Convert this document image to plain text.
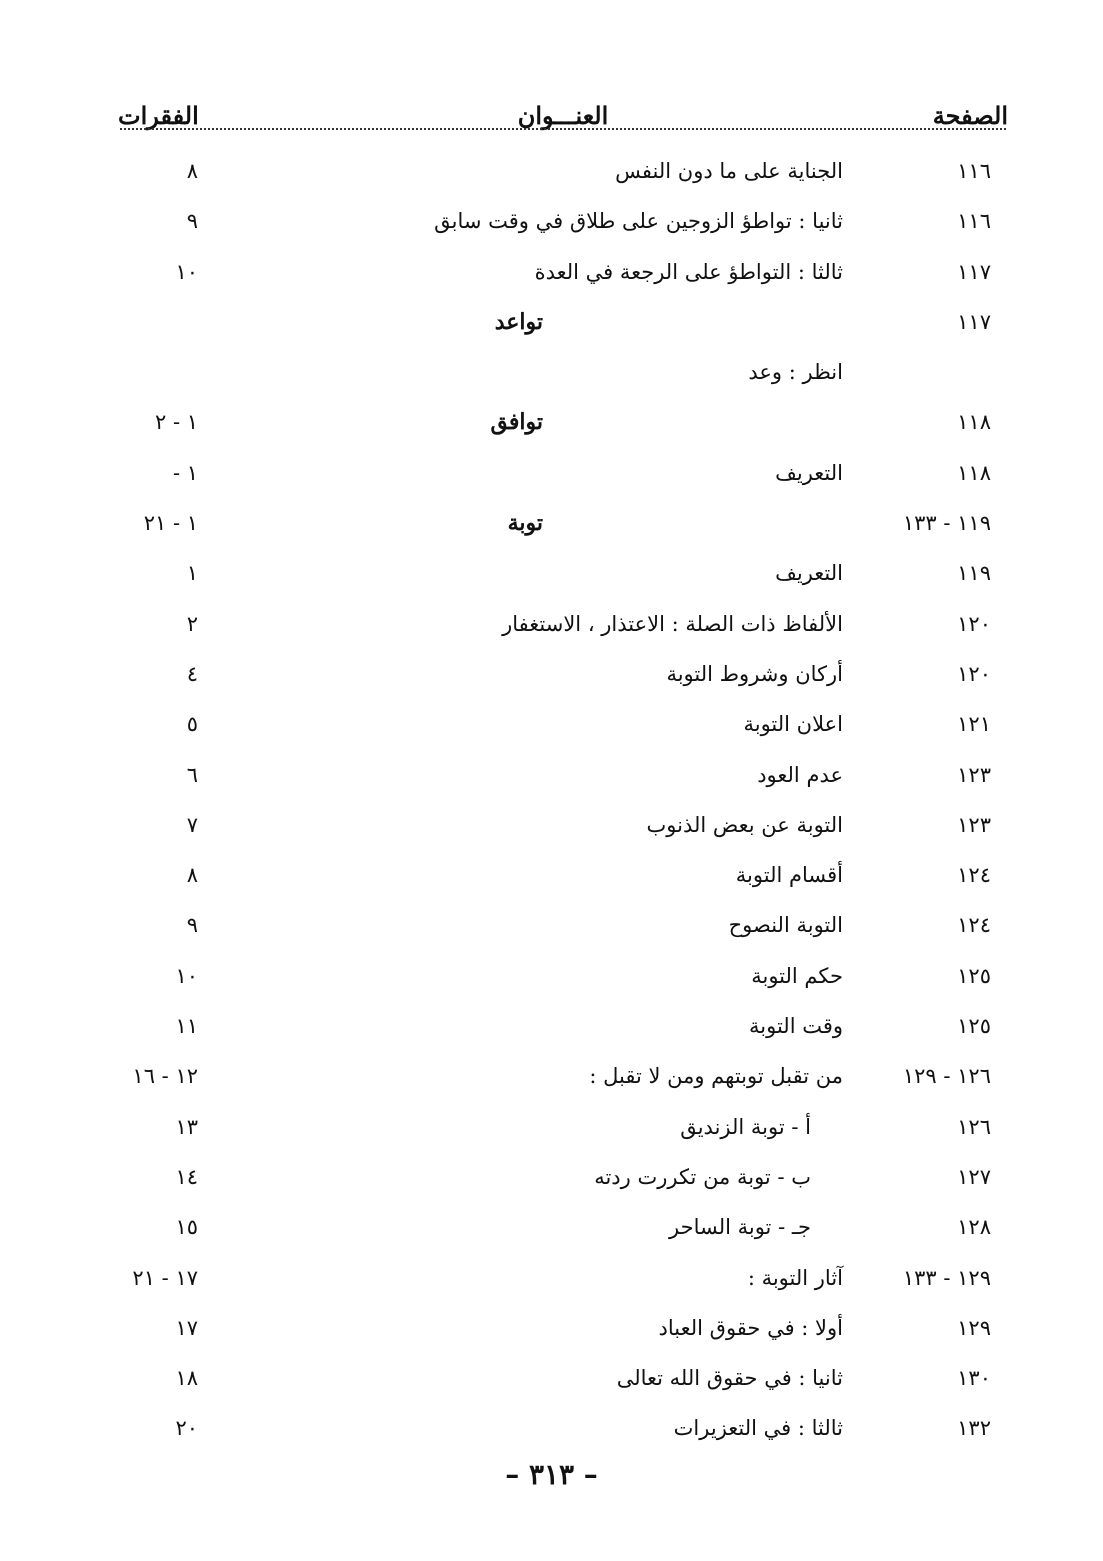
الصفحة
العنـــوان
الفقرات
١١٦
الجناية على ما دون النفس
٨
١١٦
ثانيا : تواطؤ الزوجين على طلاق في وقت سابق
٩
١١٧
ثالثا : التواطؤ على الرجعة في العدة
١٠
١١٧
تواعد
انظر : وعد
١١٨
توافق
١ - ٢
١١٨
التعريف
١ -
١١٩ - ١٣٣
توبة
١ - ٢١
١١٩
التعريف
١
١٢٠
الألفاظ ذات الصلة : الاعتذار ، الاستغفار
٢
١٢٠
أركان وشروط التوبة
٤
١٢١
اعلان التوبة
٥
١٢٣
عدم العود
٦
١٢٣
التوبة عن بعض الذنوب
٧
١٢٤
أقسام التوبة
٨
١٢٤
التوبة النصوح
٩
١٢٥
حكم التوبة
١٠
١٢٥
وقت التوبة
١١
١٢٦ - ١٢٩
من تقبل توبتهم ومن لا تقبل :
١٢ - ١٦
١٢٦
أ - توبة الزنديق
١٣
١٢٧
ب - توبة من تكررت ردته
١٤
١٢٨
جـ - توبة الساحر
١٥
١٢٩ - ١٣٣
آثار التوبة :
١٧ - ٢١
١٢٩
أولا : في حقوق العباد
١٧
١٣٠
ثانيا : في حقوق الله تعالى
١٨
١٣٢
ثالثا : في التعزيرات
٢٠
– ٣١٣ –
